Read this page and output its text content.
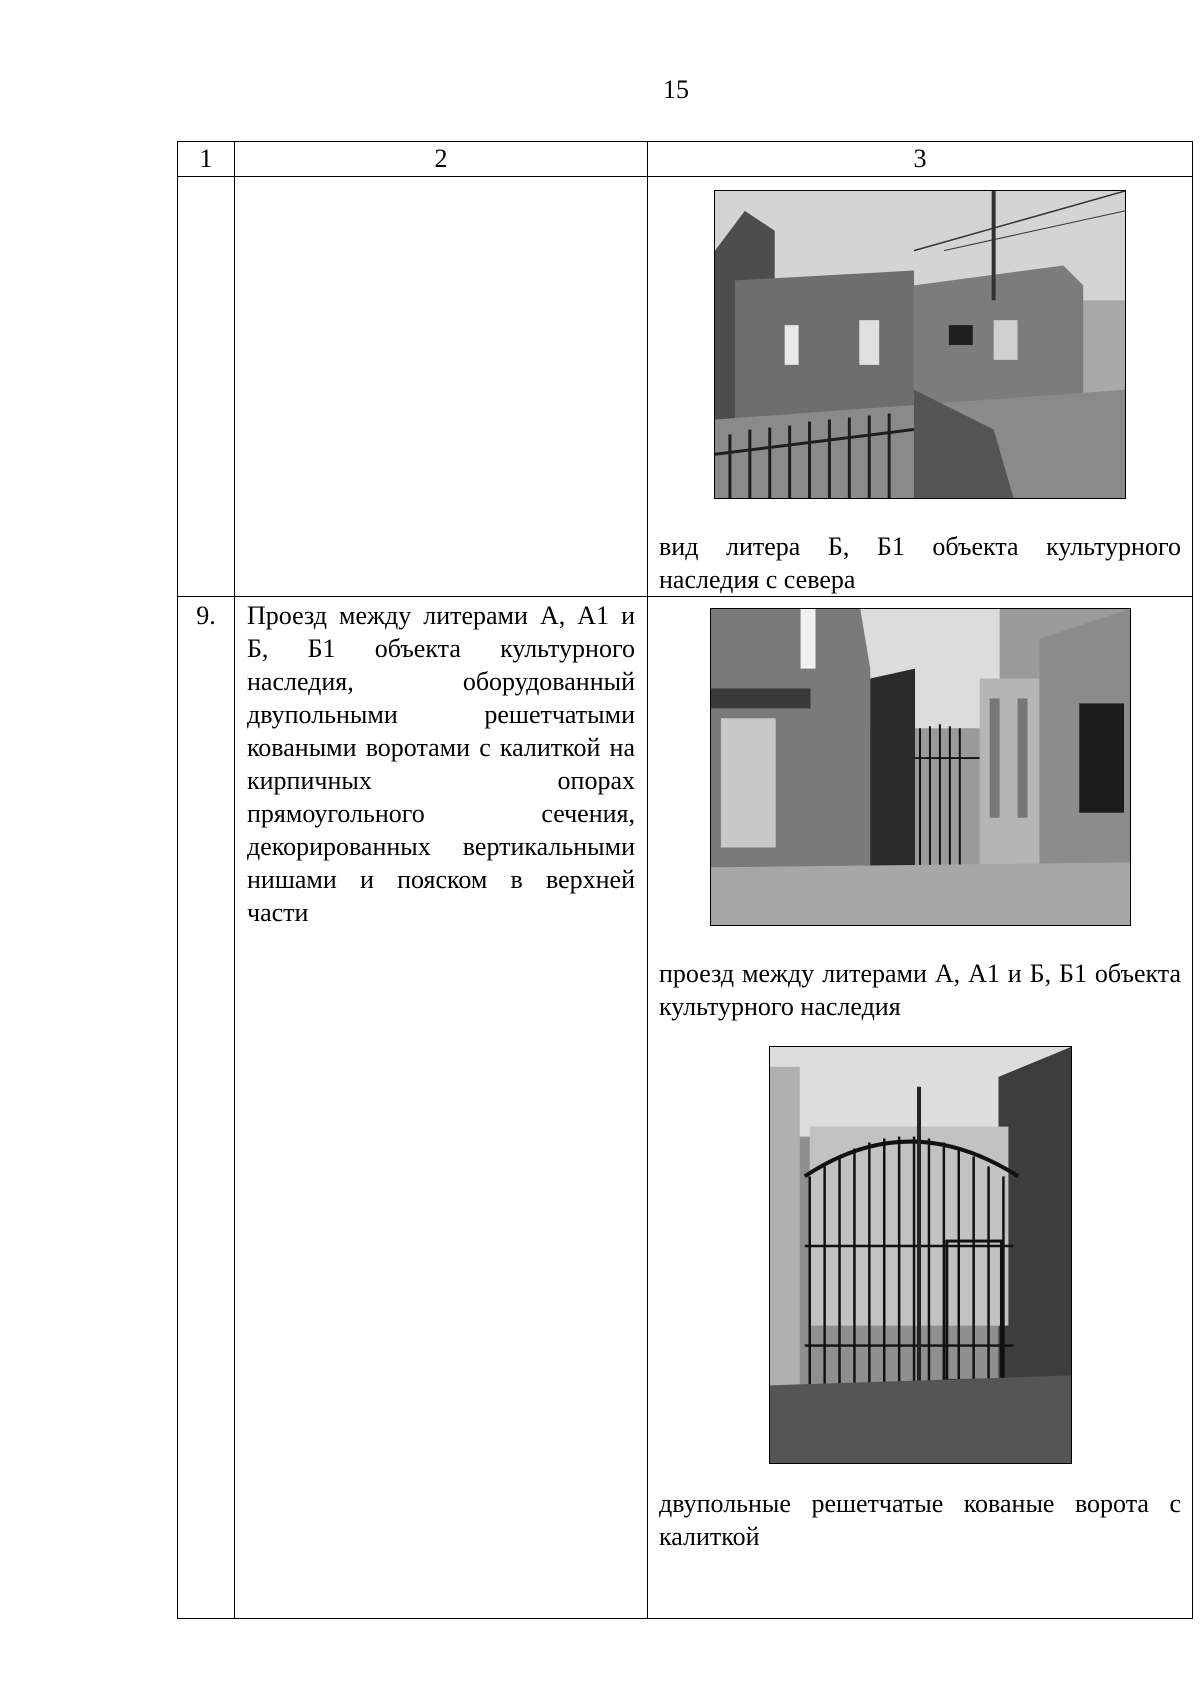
15
1	2	3

		вид литера Б, Б1 объекта культурного наследия с севера

9.	Проезд между литерами А, А1 и Б, Б1 объекта культурного наследия, оборудованный двупольными решетчатыми коваными воротами с калиткой на кирпичных опорах прямоугольного сечения, декорированных вертикальными нишами и пояском в верхней части	проезд между литерами А, А1 и Б, Б1 объекта культурного наследия
двупольные решетчатые кованые ворота с калиткой
